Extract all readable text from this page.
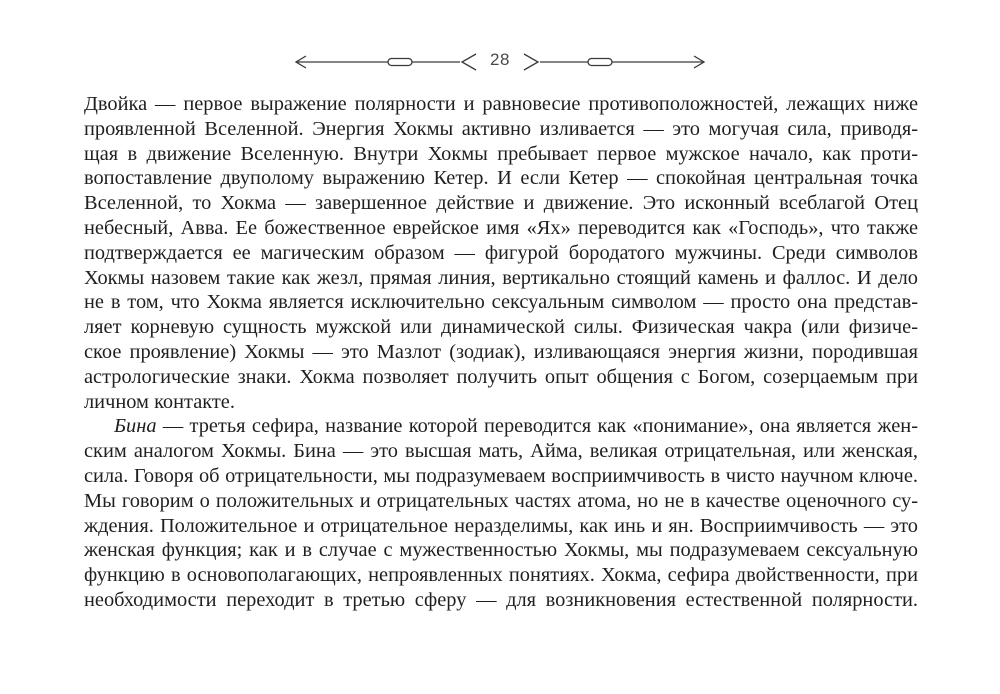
28
Двойка — первое выражение полярности и равновесие противоположностей, лежащих ниже
проявленной Вселенной. Энергия Хокмы активно изливается — это могучая сила, приводя-
щая в движение Вселенную. Внутри Хокмы пребывает первое мужское начало, как проти-
вопоставление двуполому выражению Кетер. И если Кетер — спокойная центральная точка
Вселенной, то Хокма — завершенное действие и движение. Это исконный всеблагой Отец
небесный, Авва. Ее божественное еврейское имя «Ях» переводится как «Господь», что также
подтверждается ее магическим образом — фигурой бородатого мужчины. Среди символов
Хокмы назовем такие как жезл, прямая линия, вертикально стоящий камень и фаллос. И дело
не в том, что Хокма является исключительно сексуальным символом — просто она представ-
ляет корневую сущность мужской или динамической силы. Физическая чакра (или физиче-
ское проявление) Хокмы — это Мазлот (зодиак), изливающаяся энергия жизни, породившая
астрологические знаки. Хокма позволяет получить опыт общения с Богом, созерцаемым при
личном контакте.
Бина — третья сефира, название которой переводится как «понимание», она является жен-
ским аналогом Хокмы. Бина — это высшая мать, Айма, великая отрицательная, или женская,
сила. Говоря об отрицательности, мы подразумеваем восприимчивость в чисто научном ключе.
Мы говорим о положительных и отрицательных частях атома, но не в качестве оценочного су-
ждения. Положительное и отрицательное неразделимы, как инь и ян. Восприимчивость — это
женская функция; как и в случае с мужественностью Хокмы, мы подразумеваем сексуальную
функцию в основополагающих, непроявленных понятиях. Хокма, сефира двойственности, при
необходимости переходит в третью сферу — для возникновения естественной полярности.
